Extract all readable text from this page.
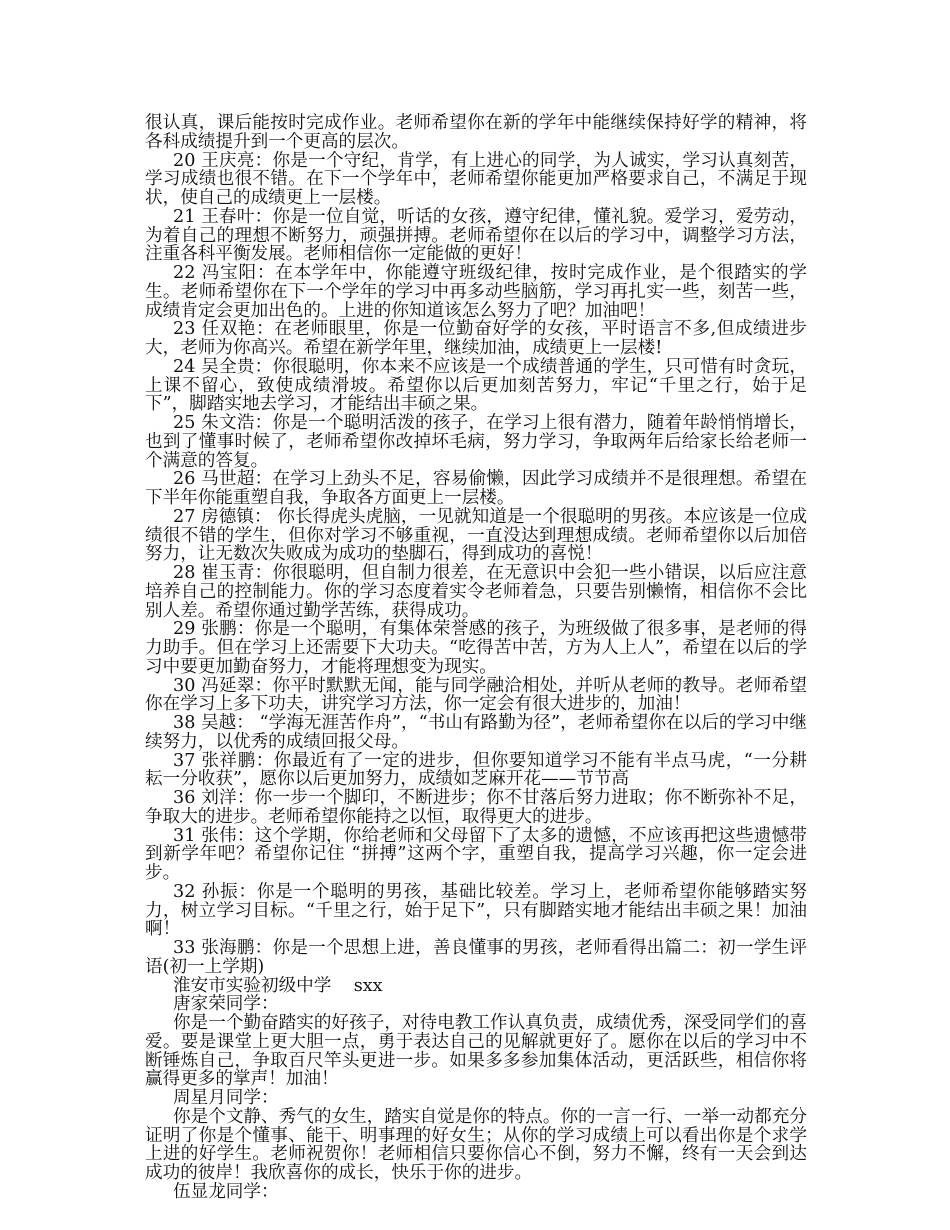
很认真，课后能按时完成作业。老师希望你在新的学年中能继续保持好学的精神，将各科成绩提升到一个更高的层次。

20 王庆亮：你是一个守纪，肯学，有上进心的同学，为人诚实，学习认真刻苦，学习成绩也很不错。在下一个学年中，老师希望你能更加严格要求自己，不满足于现状，使自己的成绩更上一层楼。

21 王春叶：你是一位自觉，听话的女孩，遵守纪律，懂礼貌。爱学习，爱劳动，为着自己的理想不断努力，顽强拼搏。老师希望你在以后的学习中，调整学习方法，注重各科平衡发展。老师相信你一定能做的更好！

22 冯宝阳：在本学年中，你能遵守班级纪律，按时完成作业，是个很踏实的学生。老师希望你在下一个学年的学习中再多动些脑筋，学习再扎实一些，刻苦一些，成绩肯定会更加出色的。上进的你知道该怎么努力了吧？加油吧！

23 任双艳：在老师眼里，你是一位勤奋好学的女孩，平时语言不多,但成绩进步大，老师为你高兴。希望在新学年里，继续加油，成绩更上一层楼!

24 吴全贵：你很聪明，你本来不应该是一个成绩普通的学生，只可惜有时贪玩，上课不留心，致使成绩滑坡。希望你以后更加刻苦努力，牢记“千里之行，始于足下”，脚踏实地去学习，才能结出丰硕之果。

25 朱文浩：你是一个聪明活泼的孩子，在学习上很有潜力，随着年龄悄悄增长，也到了懂事时候了，老师希望你改掉坏毛病，努力学习，争取两年后给家长给老师一个满意的答复。

26 马世超：在学习上劲头不足，容易偷懒，因此学习成绩并不是很理想。希望在下半年你能重塑自我，争取各方面更上一层楼。

27 房德镇： 你长得虎头虎脑，一见就知道是一个很聪明的男孩。本应该是一位成绩很不错的学生，但你对学习不够重视，一直没达到理想成绩。老师希望你以后加倍努力，让无数次失败成为成功的垫脚石，得到成功的喜悦！

28 崔玉青：你很聪明，但自制力很差，在无意识中会犯一些小错误，以后应注意培养自己的控制能力。你的学习态度着实令老师着急，只要告别懒惰，相信你不会比别人差。希望你通过勤学苦练，获得成功。

29 张鹏：你是一个聪明，有集体荣誉感的孩子，为班级做了很多事，是老师的得力助手。但在学习上还需要下大功夫。“吃得苦中苦，方为人上人”，希望在以后的学习中要更加勤奋努力，才能将理想变为现实。

30 冯延翠：你平时默默无闻，能与同学融洽相处，并听从老师的教导。老师希望你在学习上多下功夫，讲究学习方法，你一定会有很大进步的，加油！

38 吴越： “学海无涯苦作舟”，“书山有路勤为径”，老师希望你在以后的学习中继续努力，以优秀的成绩回报父母。

37 张祥鹏：你最近有了一定的进步，但你要知道学习不能有半点马虎，“一分耕耘一分收获”，愿你以后更加努力，成绩如芝麻开花——节节高

36 刘洋：你一步一个脚印，不断进步；你不甘落后努力进取；你不断弥补不足，争取大的进步。老师希望你能持之以恒，取得更大的进步。

31 张伟：这个学期，你给老师和父母留下了太多的遗憾，不应该再把这些遗憾带到新学年吧？希望你记住 “拼搏”这两个字，重塑自我，提高学习兴趣，你一定会进步。

32 孙振：你是一个聪明的男孩，基础比较差。学习上，老师希望你能够踏实努力，树立学习目标。“千里之行，始于足下”，只有脚踏实地才能结出丰硕之果！加油啊！

33 张海鹏：你是一个思想上进，善良懂事的男孩，老师看得出篇二：初一学生评语(初一上学期)

淮安市实验初级中学    sxx

唐家荣同学：

你是一个勤奋踏实的好孩子，对待电教工作认真负责，成绩优秀，深受同学们的喜爱。要是课堂上更大胆一点，勇于表达自己的见解就更好了。愿你在以后的学习中不断锤炼自己，争取百尺竿头更进一步。如果多多参加集体活动，更活跃些，相信你将赢得更多的掌声！加油！

周星月同学：

你是个文静、秀气的女生，踏实自觉是你的特点。你的一言一行、一举一动都充分证明了你是个懂事、能干、明事理的好女生；从你的学习成绩上可以看出你是个求学上进的好学生。老师祝贺你！老师相信只要你信心不倒，努力不懈，终有一天会到达成功的彼岸！我欣喜你的成长，快乐于你的进步。

伍显龙同学：
